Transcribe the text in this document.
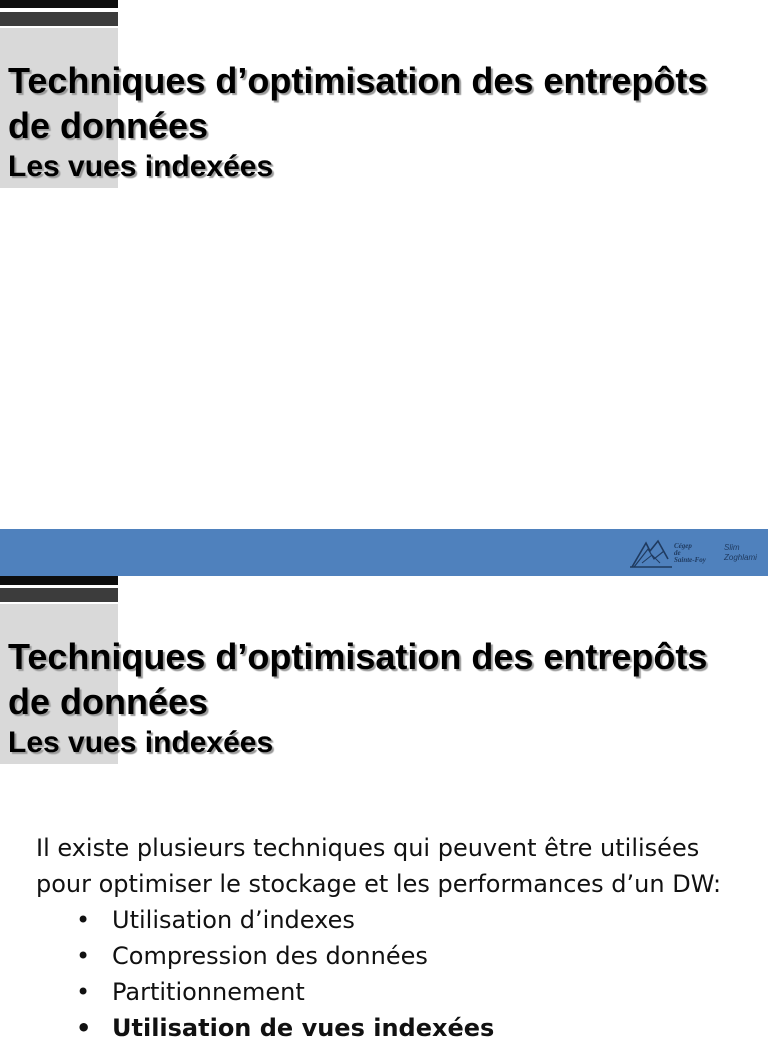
Techniques d’optimisation des entrepôts de données
Les vues indexées
Cégep
de
Sainte-Foy
Slim
Zoghlami
Techniques d’optimisation des entrepôts de données
Les vues indexées

Il existe plusieurs techniques qui peuvent être utilisées pour optimiser le stockage et les performances d’un DW:

• Utilisation d’indexes
• Compression des données
• Partitionnement
• Utilisation de vues indexées
